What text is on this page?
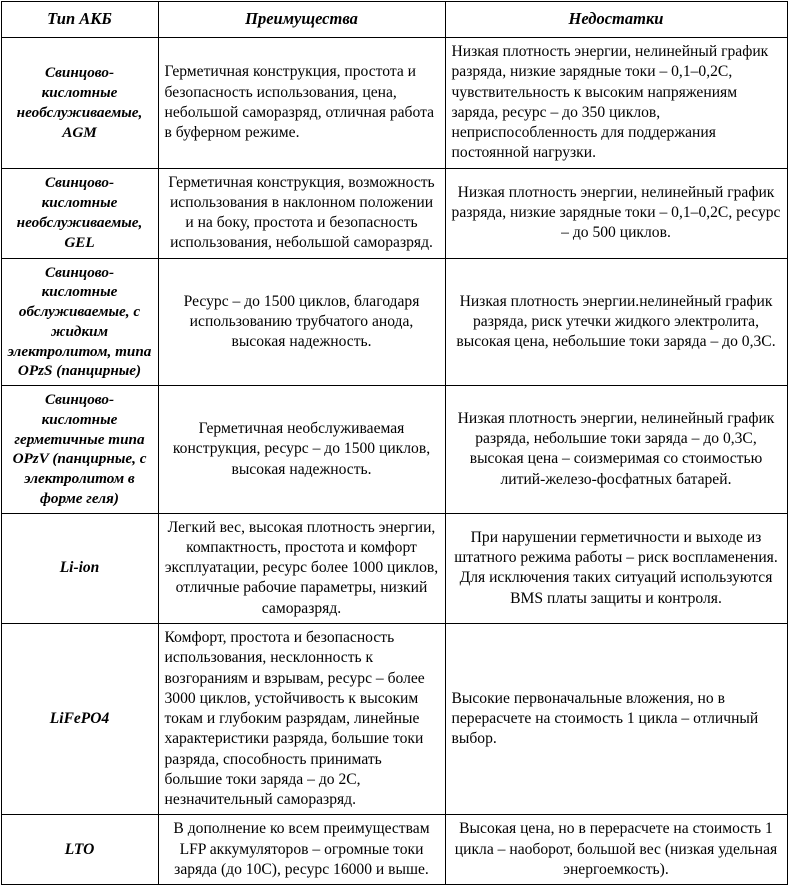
Тип АКБ	Преимущества	Недостатки
Свинцово-кислотные необслуживаемые, AGM	Герметичная конструкция, простота и безопасность использования, цена, небольшой саморазряд, отличная работа в буферном режиме.	Низкая плотность энергии, нелинейный график разряда, низкие зарядные токи – 0,1–0,2С, чувствительность к высоким напряжениям заряда, ресурс – до 350 циклов, неприспособленность для поддержания постоянной нагрузки.
Свинцово-кислотные необслуживаемые, GEL	Герметичная конструкция, возможность использования в наклонном положении и на боку, простота и безопасность использования, небольшой саморазряд.	Низкая плотность энергии, нелинейный график разряда, низкие зарядные токи – 0,1–0,2С, ресурс – до 500 циклов.
Свинцово-кислотные обслуживаемые, с жидким электролитом, типа OPzS (панцирные)	Ресурс – до 1500 циклов, благодаря использованию трубчатого анода, высокая надежность.	Низкая плотность энергии.нелинейный график разряда, риск утечки жидкого электролита, высокая цена, небольшие токи заряда – до 0,3С.
Свинцово-кислотные герметичные типа OPzV (панцирные, с электролитом в форме геля)	Герметичная необслуживаемая конструкция, ресурс – до 1500 циклов, высокая надежность.	Низкая плотность энергии, нелинейный график разряда, небольшие токи заряда – до 0,3С, высокая цена – соизмеримая со стоимостью литий-железо-фосфатных батарей.
Li-ion	Легкий вес, высокая плотность энергии, компактность, простота и комфорт эксплуатации, ресурс более 1000 циклов, отличные рабочие параметры, низкий саморазряд.	При нарушении герметичности и выходе из штатного режима работы – риск воспламенения. Для исключения таких ситуаций используются BMS платы защиты и контроля.
LiFePO4	Комфорт, простота и безопасность использования, несклонность к возгораниям и взрывам, ресурс – более 3000 циклов, устойчивость к высоким токам и глубоким разрядам, линейные характеристики разряда, большие токи разряда, способность принимать большие токи заряда – до 2С, незначительный саморазряд.	Высокие первоначальные вложения, но в перерасчете на стоимость 1 цикла – отличный выбор.
LTO	В дополнение ко всем преимуществам LFP аккумуляторов – огромные токи заряда (до 10С), ресурс 16000 и выше.	Высокая цена, но в перерасчете на стоимость 1 цикла – наоборот, большой вес (низкая удельная энергоемкость).
